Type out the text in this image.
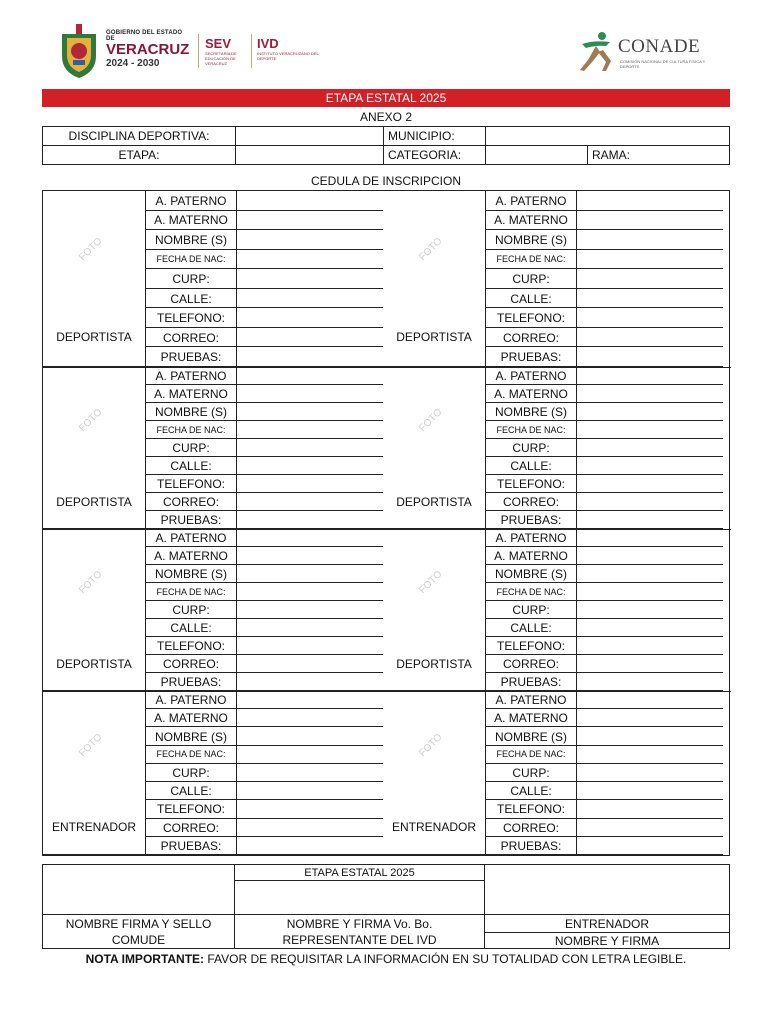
GOBIERNO DEL ESTADO DE
VERACRUZ
2024 - 2030
SEV
SECRETARÍA DE EDUCACIÓN DE VERACRUZ
IVD
INSTITUTO VERACRUZANO DEL DEPORTE
CONADE
COMISIÓN NACIONAL DE CULTURA FÍSICA Y DEPORTE
ETAPA ESTATAL 2025
ANEXO 2
DISCIPLINA DEPORTIVA:		MUNICIPIO:		
ETAPA:		CATEGORIA:		RAMA:
CEDULA DE INSCRIPCION
FOTO
DEPORTISTA
A. PATERNO
A. MATERNO
NOMBRE (S)
FECHA DE NAC:
CURP:
CALLE:
TELEFONO:
CORREO:
PRUEBAS:
FOTO
DEPORTISTA
A. PATERNO
A. MATERNO
NOMBRE (S)
FECHA DE NAC:
CURP:
CALLE:
TELEFONO:
CORREO:
PRUEBAS:
FOTO
DEPORTISTA
A. PATERNO
A. MATERNO
NOMBRE (S)
FECHA DE NAC:
CURP:
CALLE:
TELEFONO:
CORREO:
PRUEBAS:
FOTO
DEPORTISTA
A. PATERNO
A. MATERNO
NOMBRE (S)
FECHA DE NAC:
CURP:
CALLE:
TELEFONO:
CORREO:
PRUEBAS:
FOTO
DEPORTISTA
A. PATERNO
A. MATERNO
NOMBRE (S)
FECHA DE NAC:
CURP:
CALLE:
TELEFONO:
CORREO:
PRUEBAS:
FOTO
DEPORTISTA
A. PATERNO
A. MATERNO
NOMBRE (S)
FECHA DE NAC:
CURP:
CALLE:
TELEFONO:
CORREO:
PRUEBAS:
FOTO
ENTRENADOR
A. PATERNO
A. MATERNO
NOMBRE (S)
FECHA DE NAC:
CURP:
CALLE:
TELEFONO:
CORREO:
PRUEBAS:
FOTO
ENTRENADOR
A. PATERNO
A. MATERNO
NOMBRE (S)
FECHA DE NAC:
CURP:
CALLE:
TELEFONO:
CORREO:
PRUEBAS:
	ETAPA ESTATAL 2025	

NOMBRE FIRMA Y SELLO	NOMBRE Y FIRMA Vo. Bo.	ENTRENADOR
COMUDE	REPRESENTANTE DEL IVD	NOMBRE Y FIRMA
NOTA IMPORTANTE: FAVOR DE REQUISITAR LA INFORMACIÓN EN SU TOTALIDAD CON LETRA LEGIBLE.
